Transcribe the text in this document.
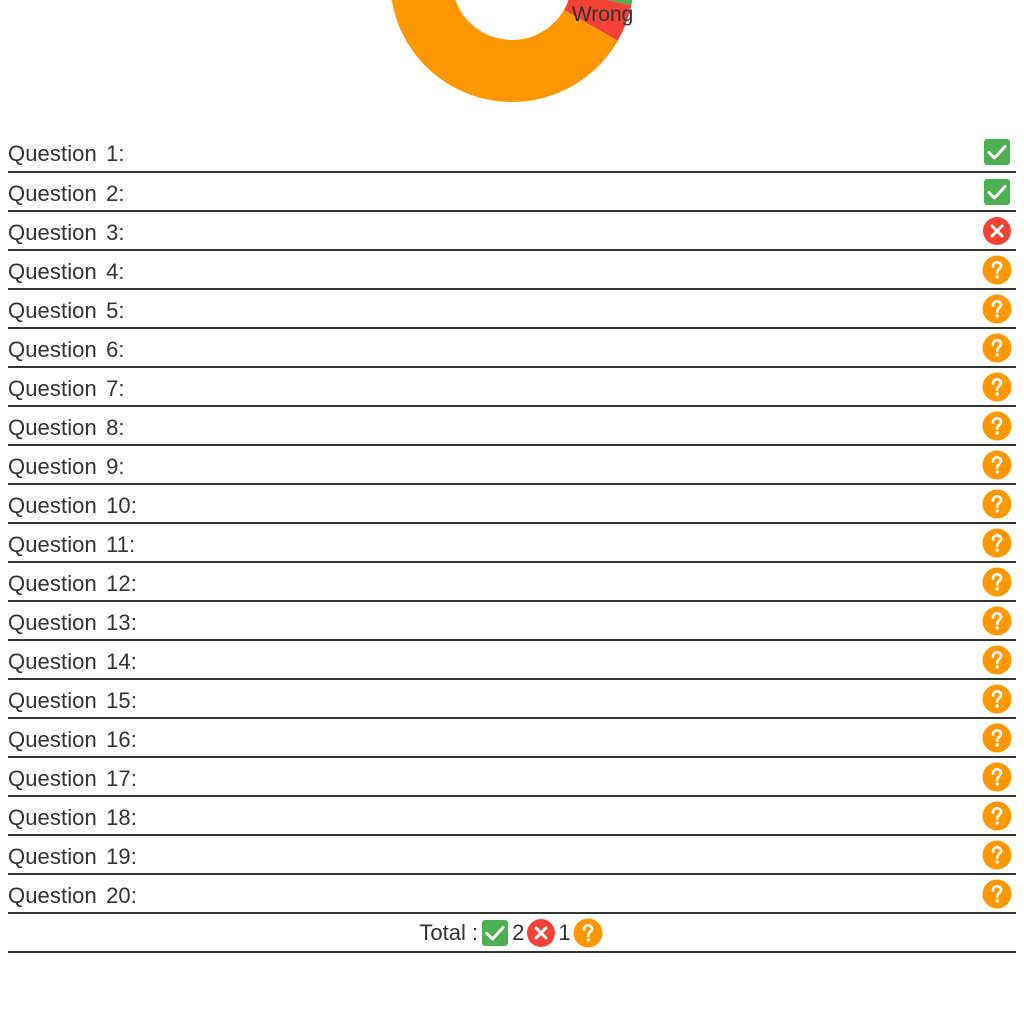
Wrong
Question 1:
Question 2:
Question 3:
Question 4:
Question 5:
Question 6:
Question 7:
Question 8:
Question 9:
Question 10:
Question 11:
Question 12:
Question 13:
Question 14:
Question 15:
Question 16:
Question 17:
Question 18:
Question 19:
Question 20:
Total : 2 1
